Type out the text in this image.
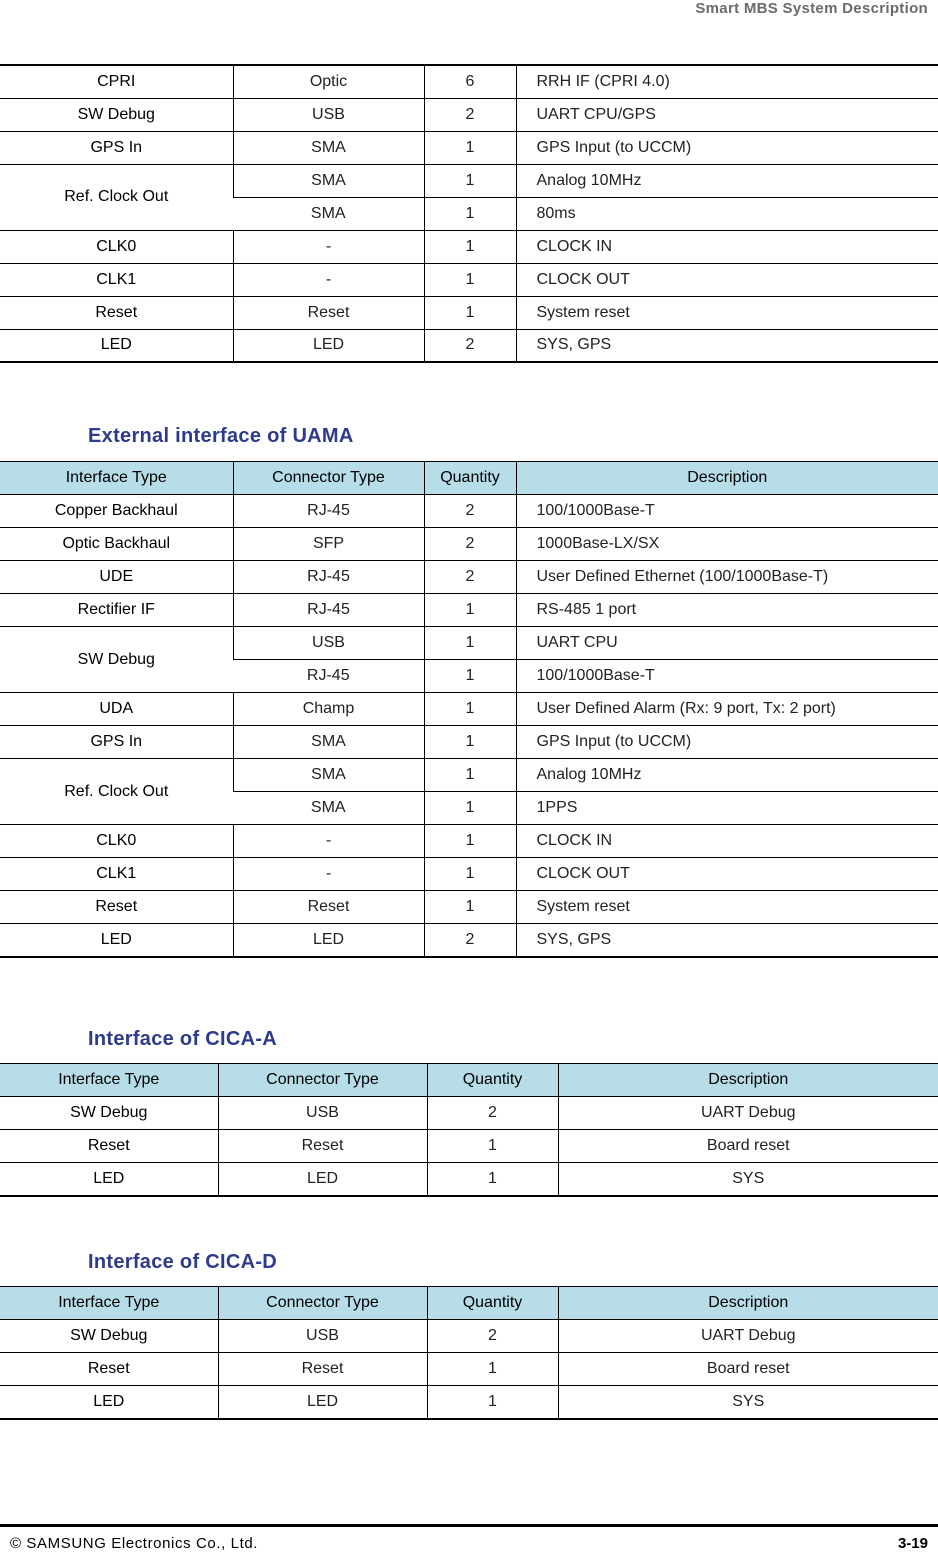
Smart MBS System Description
CPRI	Optic	6	RRH IF (CPRI 4.0)
SW Debug	USB	2	UART CPU/GPS
GPS In	SMA	1	GPS Input (to UCCM)
Ref. Clock Out	SMA	1	Analog 10MHz
	SMA	1	80ms
CLK0	-	1	CLOCK IN
CLK1	-	1	CLOCK OUT
Reset	Reset	1	System reset
LED	LED	2	SYS, GPS
External interface of UAMA
Interface Type	Connector Type	Quantity	Description
Copper Backhaul	RJ-45	2	100/1000Base-T
Optic Backhaul	SFP	2	1000Base-LX/SX
UDE	RJ-45	2	User Defined Ethernet (100/1000Base-T)
Rectifier IF	RJ-45	1	RS-485 1 port
SW Debug	USB	1	UART CPU
	RJ-45	1	100/1000Base-T
UDA	Champ	1	User Defined Alarm (Rx: 9 port, Tx: 2 port)
GPS In	SMA	1	GPS Input (to UCCM)
Ref. Clock Out	SMA	1	Analog 10MHz
	SMA	1	1PPS
CLK0	-	1	CLOCK IN
CLK1	-	1	CLOCK OUT
Reset	Reset	1	System reset
LED	LED	2	SYS, GPS
Interface of CICA-A
Interface Type	Connector Type	Quantity	Description
SW Debug	USB	2	UART Debug
Reset	Reset	1	Board reset
LED	LED	1	SYS
Interface of CICA-D
Interface Type	Connector Type	Quantity	Description
SW Debug	USB	2	UART Debug
Reset	Reset	1	Board reset
LED	LED	1	SYS
© SAMSUNG Electronics Co., Ltd.	3-19
